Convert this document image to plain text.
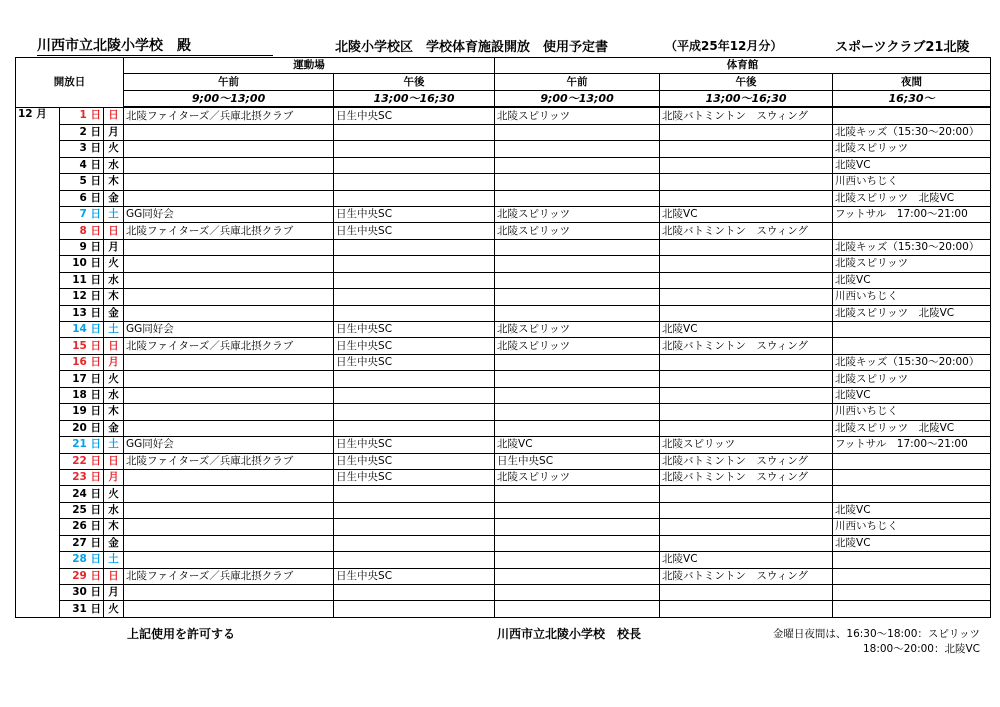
川西市立北陵小学校　殿	北陵小学校区　学校体育施設開放　使用予定書	（平成25年12月分）	スポーツクラブ21北陵
開放日			運動場		体育館		
			午前	午後	午前	午後	夜間
			9;00〜13;00	13;00〜16;30	9;00〜13;00	13;00〜16;30	16;30〜
12 月	1 日	日	北陵ファイターズ／兵庫北摂クラブ	日生中央SC	北陵スピリッツ	北陵バトミントン　スウィング	
	2 日	月					北陵キッズ（15:30〜20:00）
	3 日	火					北陵スピリッツ
	4 日	水					北陵VC
	5 日	木					川西いちじく
	6 日	金					北陵スピリッツ　北陵VC
	7 日	土	GG同好会	日生中央SC	北陵スピリッツ	北陵VC	フットサル　17:00〜21:00
	8 日	日	北陵ファイターズ／兵庫北摂クラブ	日生中央SC	北陵スピリッツ	北陵バトミントン　スウィング	
	9 日	月					北陵キッズ（15:30〜20:00）
	10 日	火					北陵スピリッツ
	11 日	水					北陵VC
	12 日	木					川西いちじく
	13 日	金					北陵スピリッツ　北陵VC
	14 日	土	GG同好会	日生中央SC	北陵スピリッツ	北陵VC	
	15 日	日	北陵ファイターズ／兵庫北摂クラブ	日生中央SC	北陵スピリッツ	北陵バトミントン　スウィング	
	16 日	月		日生中央SC			北陵キッズ（15:30〜20:00）
	17 日	火					北陵スピリッツ
	18 日	水					北陵VC
	19 日	木					川西いちじく
	20 日	金					北陵スピリッツ　北陵VC
	21 日	土	GG同好会	日生中央SC	北陵VC	北陵スピリッツ	フットサル　17:00〜21:00
	22 日	日	北陵ファイターズ／兵庫北摂クラブ	日生中央SC	日生中央SC	北陵バトミントン　スウィング	
	23 日	月		日生中央SC	北陵スピリッツ	北陵バトミントン　スウィング	
	24 日	火					
	25 日	水					北陵VC
	26 日	木					川西いちじく
	27 日	金					北陵VC
	28 日	土				北陵VC	
	29 日	日	北陵ファイターズ／兵庫北摂クラブ	日生中央SC		北陵バトミントン　スウィング	
	30 日	月					
	31 日	火					
上記使用を許可する	川西市立北陵小学校　校長	金曜日夜間は、16:30〜18:00：スピリッツ
18:00〜20:00：北陵VC
